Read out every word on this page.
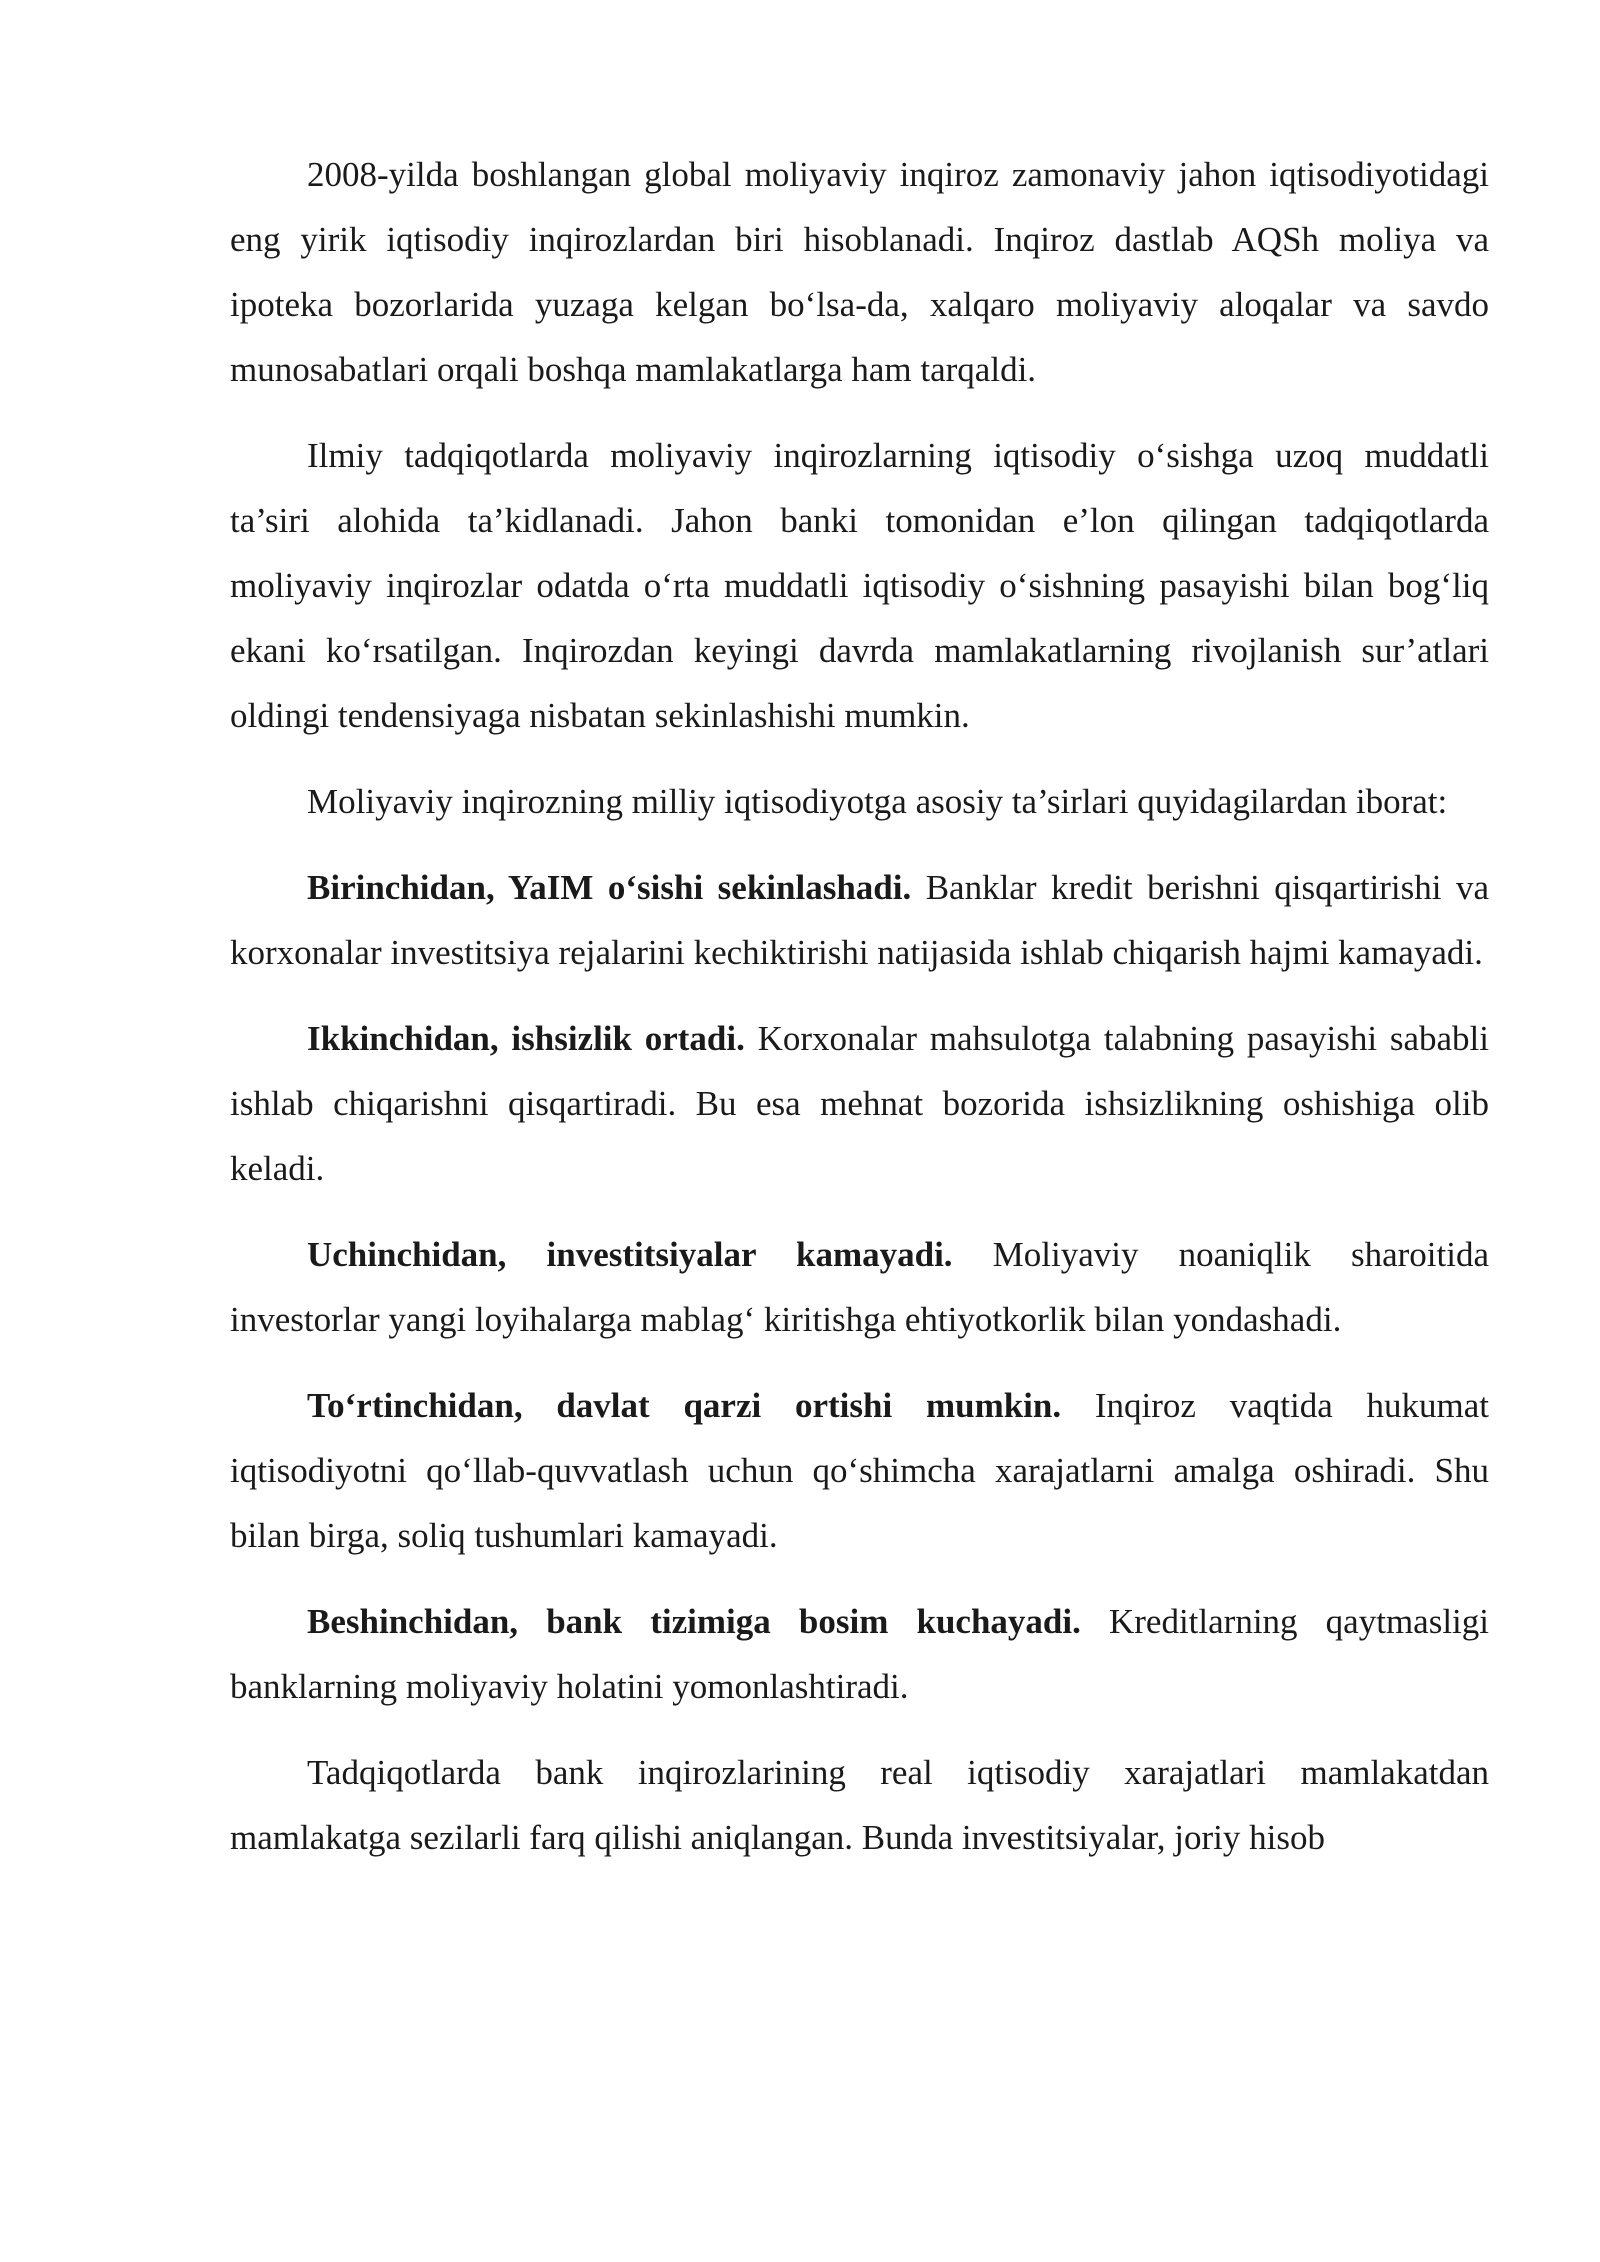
2008-yilda boshlangan global moliyaviy inqiroz zamonaviy jahon iqtisodiyotidagi eng yirik iqtisodiy inqirozlardan biri hisoblanadi. Inqiroz dastlab AQSh moliya va ipoteka bozorlarida yuzaga kelgan bo‘lsa-da, xalqaro moliyaviy aloqalar va savdo munosabatlari orqali boshqa mamlakatlarga ham tarqaldi.

Ilmiy tadqiqotlarda moliyaviy inqirozlarning iqtisodiy o‘sishga uzoq muddatli ta’siri alohida ta’kidlanadi. Jahon banki tomonidan e’lon qilingan tadqiqotlarda moliyaviy inqirozlar odatda o‘rta muddatli iqtisodiy o‘sishning pasayishi bilan bog‘liq ekani ko‘rsatilgan. Inqirozdan keyingi davrda mamlakatlarning rivojlanish sur’atlari oldingi tendensiyaga nisbatan sekinlashishi mumkin.

Moliyaviy inqirozning milliy iqtisodiyotga asosiy ta’sirlari quyidagilardan iborat:

Birinchidan, YaIM o‘sishi sekinlashadi. Banklar kredit berishni qisqartirishi va korxonalar investitsiya rejalarini kechiktirishi natijasida ishlab chiqarish hajmi kamayadi.

Ikkinchidan, ishsizlik ortadi. Korxonalar mahsulotga talabning pasayishi sababli ishlab chiqarishni qisqartiradi. Bu esa mehnat bozorida ishsizlikning oshishiga olib keladi.

Uchinchidan, investitsiyalar kamayadi. Moliyaviy noaniqlik sharoitida investorlar yangi loyihalarga mablag‘ kiritishga ehtiyotkorlik bilan yondashadi.

To‘rtinchidan, davlat qarzi ortishi mumkin. Inqiroz vaqtida hukumat iqtisodiyotni qo‘llab-quvvatlash uchun qo‘shimcha xarajatlarni amalga oshiradi. Shu bilan birga, soliq tushumlari kamayadi.

Beshinchidan, bank tizimiga bosim kuchayadi. Kreditlarning qaytmasligi banklarning moliyaviy holatini yomonlashtiradi.

Tadqiqotlarda bank inqirozlarining real iqtisodiy xarajatlari mamlakatdan mamlakatga sezilarli farq qilishi aniqlangan. Bunda investitsiyalar, joriy hisob
